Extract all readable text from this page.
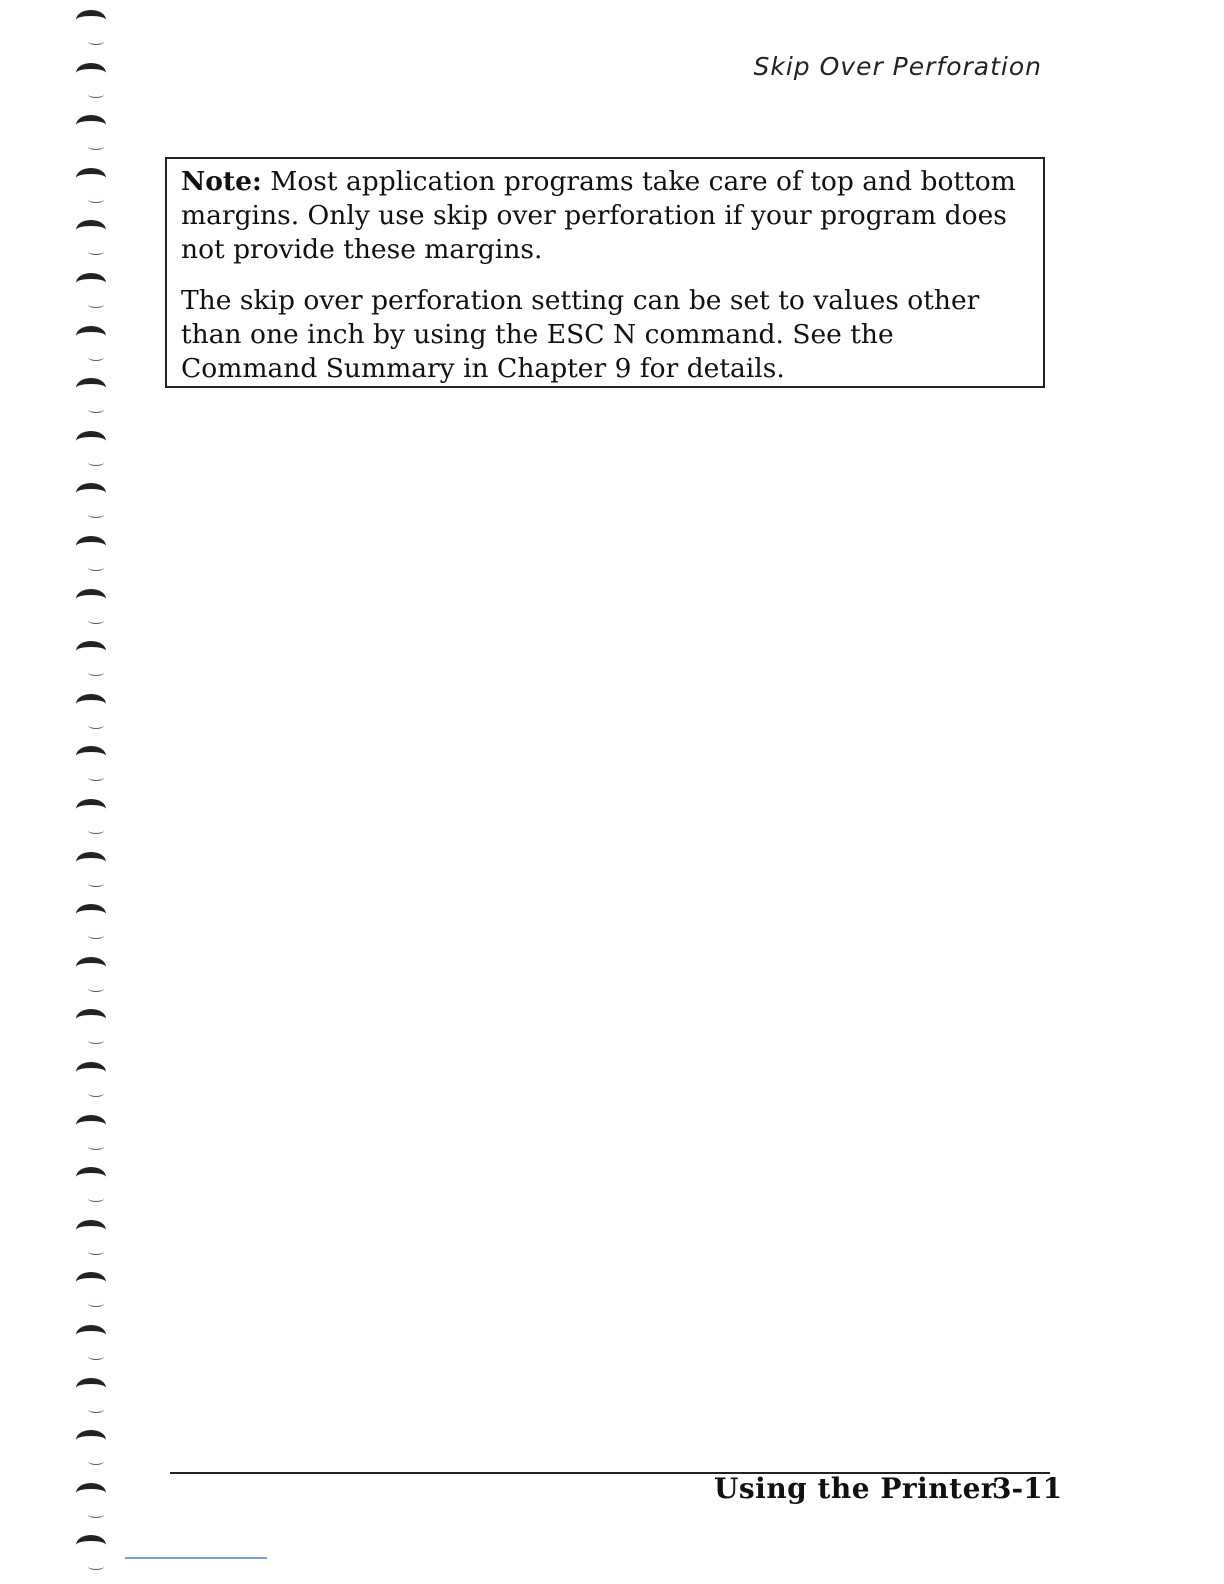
Skip Over Perforation

Note: Most application programs take care of top and bottom margins. Only use skip over perforation if your program does not provide these margins.

The skip over perforation setting can be set to values other than one inch by using the ESC N command. See the Command Summary in Chapter 9 for details.

Using the Printer
3-11
